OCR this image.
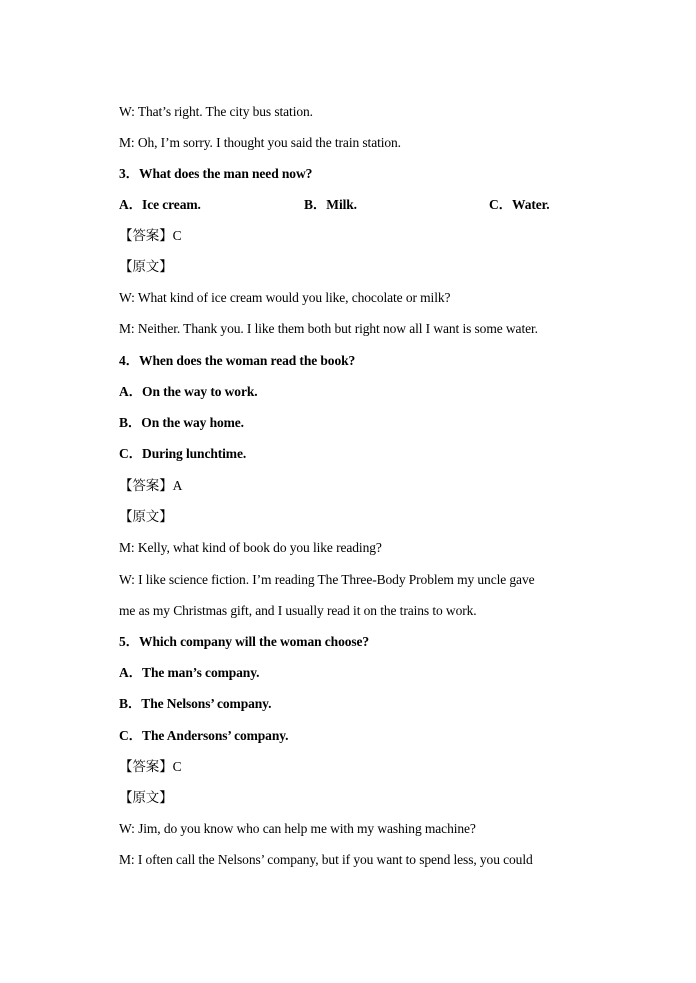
W: That’s right. The city bus station.
M: Oh, I’m sorry. I thought you said the train station.
3．What does the man need now?
A．Ice cream.	B．Milk.	C．Water.
【答案】C
【原文】
W: What kind of ice cream would you like, chocolate or milk?
M: Neither. Thank you. I like them both but right now all I want is some water.
4．When does the woman read the book?
A．On the way to work.
B．On the way home.
C．During lunchtime.
【答案】A
【原文】
M: Kelly, what kind of book do you like reading?
W: I like science fiction. I’m reading The Three-Body Problem my uncle gave
me as my Christmas gift, and I usually read it on the trains to work.
5．Which company will the woman choose?
A．The man’s company.
B．The Nelsons’ company.
C．The Andersons’ company.
【答案】C
【原文】
W: Jim, do you know who can help me with my washing machine?
M: I often call the Nelsons’ company, but if you want to spend less, you could
